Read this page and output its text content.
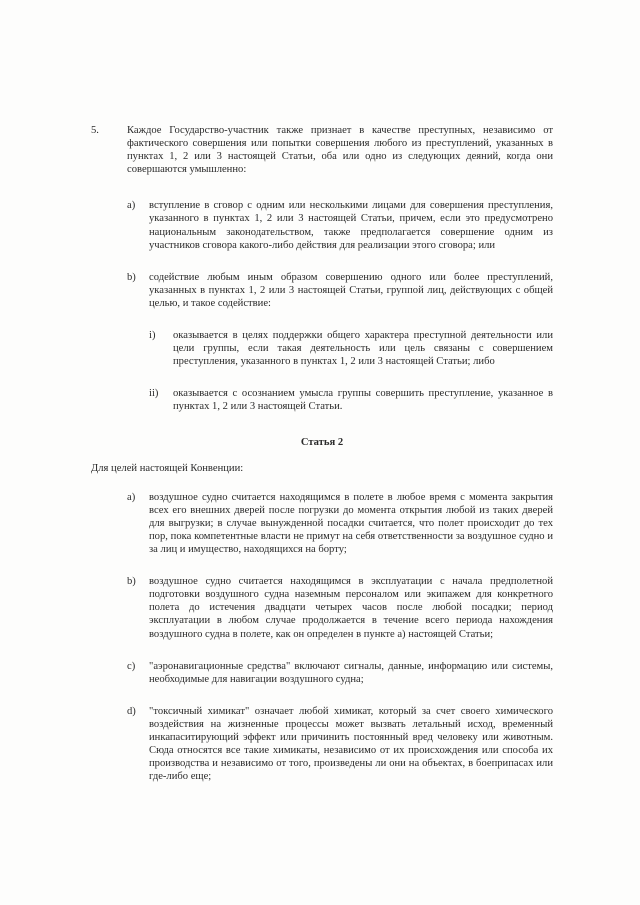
5.	Каждое Государство-участник также признает в качестве преступных, независимо от фактического совершения или попытки совершения любого из преступлений, указанных в пунктах 1, 2 или 3 настоящей Статьи, оба или одно из следующих деяний, когда они совершаются умышленно:
a)	вступление в сговор с одним или несколькими лицами для совершения преступления, указанного в пунктах 1, 2 или 3 настоящей Статьи, причем, если это предусмотрено национальным законодательством, также предполагается совершение одним из участников сговора какого-либо действия для реализации этого сговора; или
b)	содействие любым иным образом совершению одного или более преступлений, указанных в пунктах 1, 2 или 3 настоящей Статьи, группой лиц, действующих с общей целью, и такое содействие:
i)	оказывается в целях поддержки общего характера преступной деятельности или цели группы, если такая деятельность или цель связаны с совершением преступления, указанного в пунктах 1, 2 или 3 настоящей Статьи; либо
ii)	оказывается с осознанием умысла группы совершить преступление, указанное в пунктах 1, 2 или 3 настоящей Статьи.
Статья 2

Для целей настоящей Конвенции:

a)	воздушное судно считается находящимся в полете в любое время с момента закрытия всех его внешних дверей после погрузки до момента открытия любой из таких дверей для выгрузки; в случае вынужденной посадки считается, что полет происходит до тех пор, пока компетентные власти не примут на себя ответственности за воздушное судно и за лиц и имущество, находящихся на борту;
b)	воздушное судно считается находящимся в эксплуатации с начала предполетной подготовки воздушного судна наземным персоналом или экипажем для конкретного полета до истечения двадцати четырех часов после любой посадки; период эксплуатации в любом случае продолжается в течение всего периода нахождения воздушного судна в полете, как он определен в пункте а) настоящей Статьи;
c)	"аэронавигационные средства" включают сигналы, данные, информацию или системы, необходимые для навигации воздушного судна;
d)	"токсичный химикат" означает любой химикат, который за счет своего химического воздействия на жизненные процессы может вызвать летальный исход, временный инкапаситирующий эффект или причинить постоянный вред человеку или животным. Сюда относятся все такие химикаты, независимо от их происхождения или способа их производства и независимо от того, произведены ли они на объектах, в боеприпасах или где-либо еще;
